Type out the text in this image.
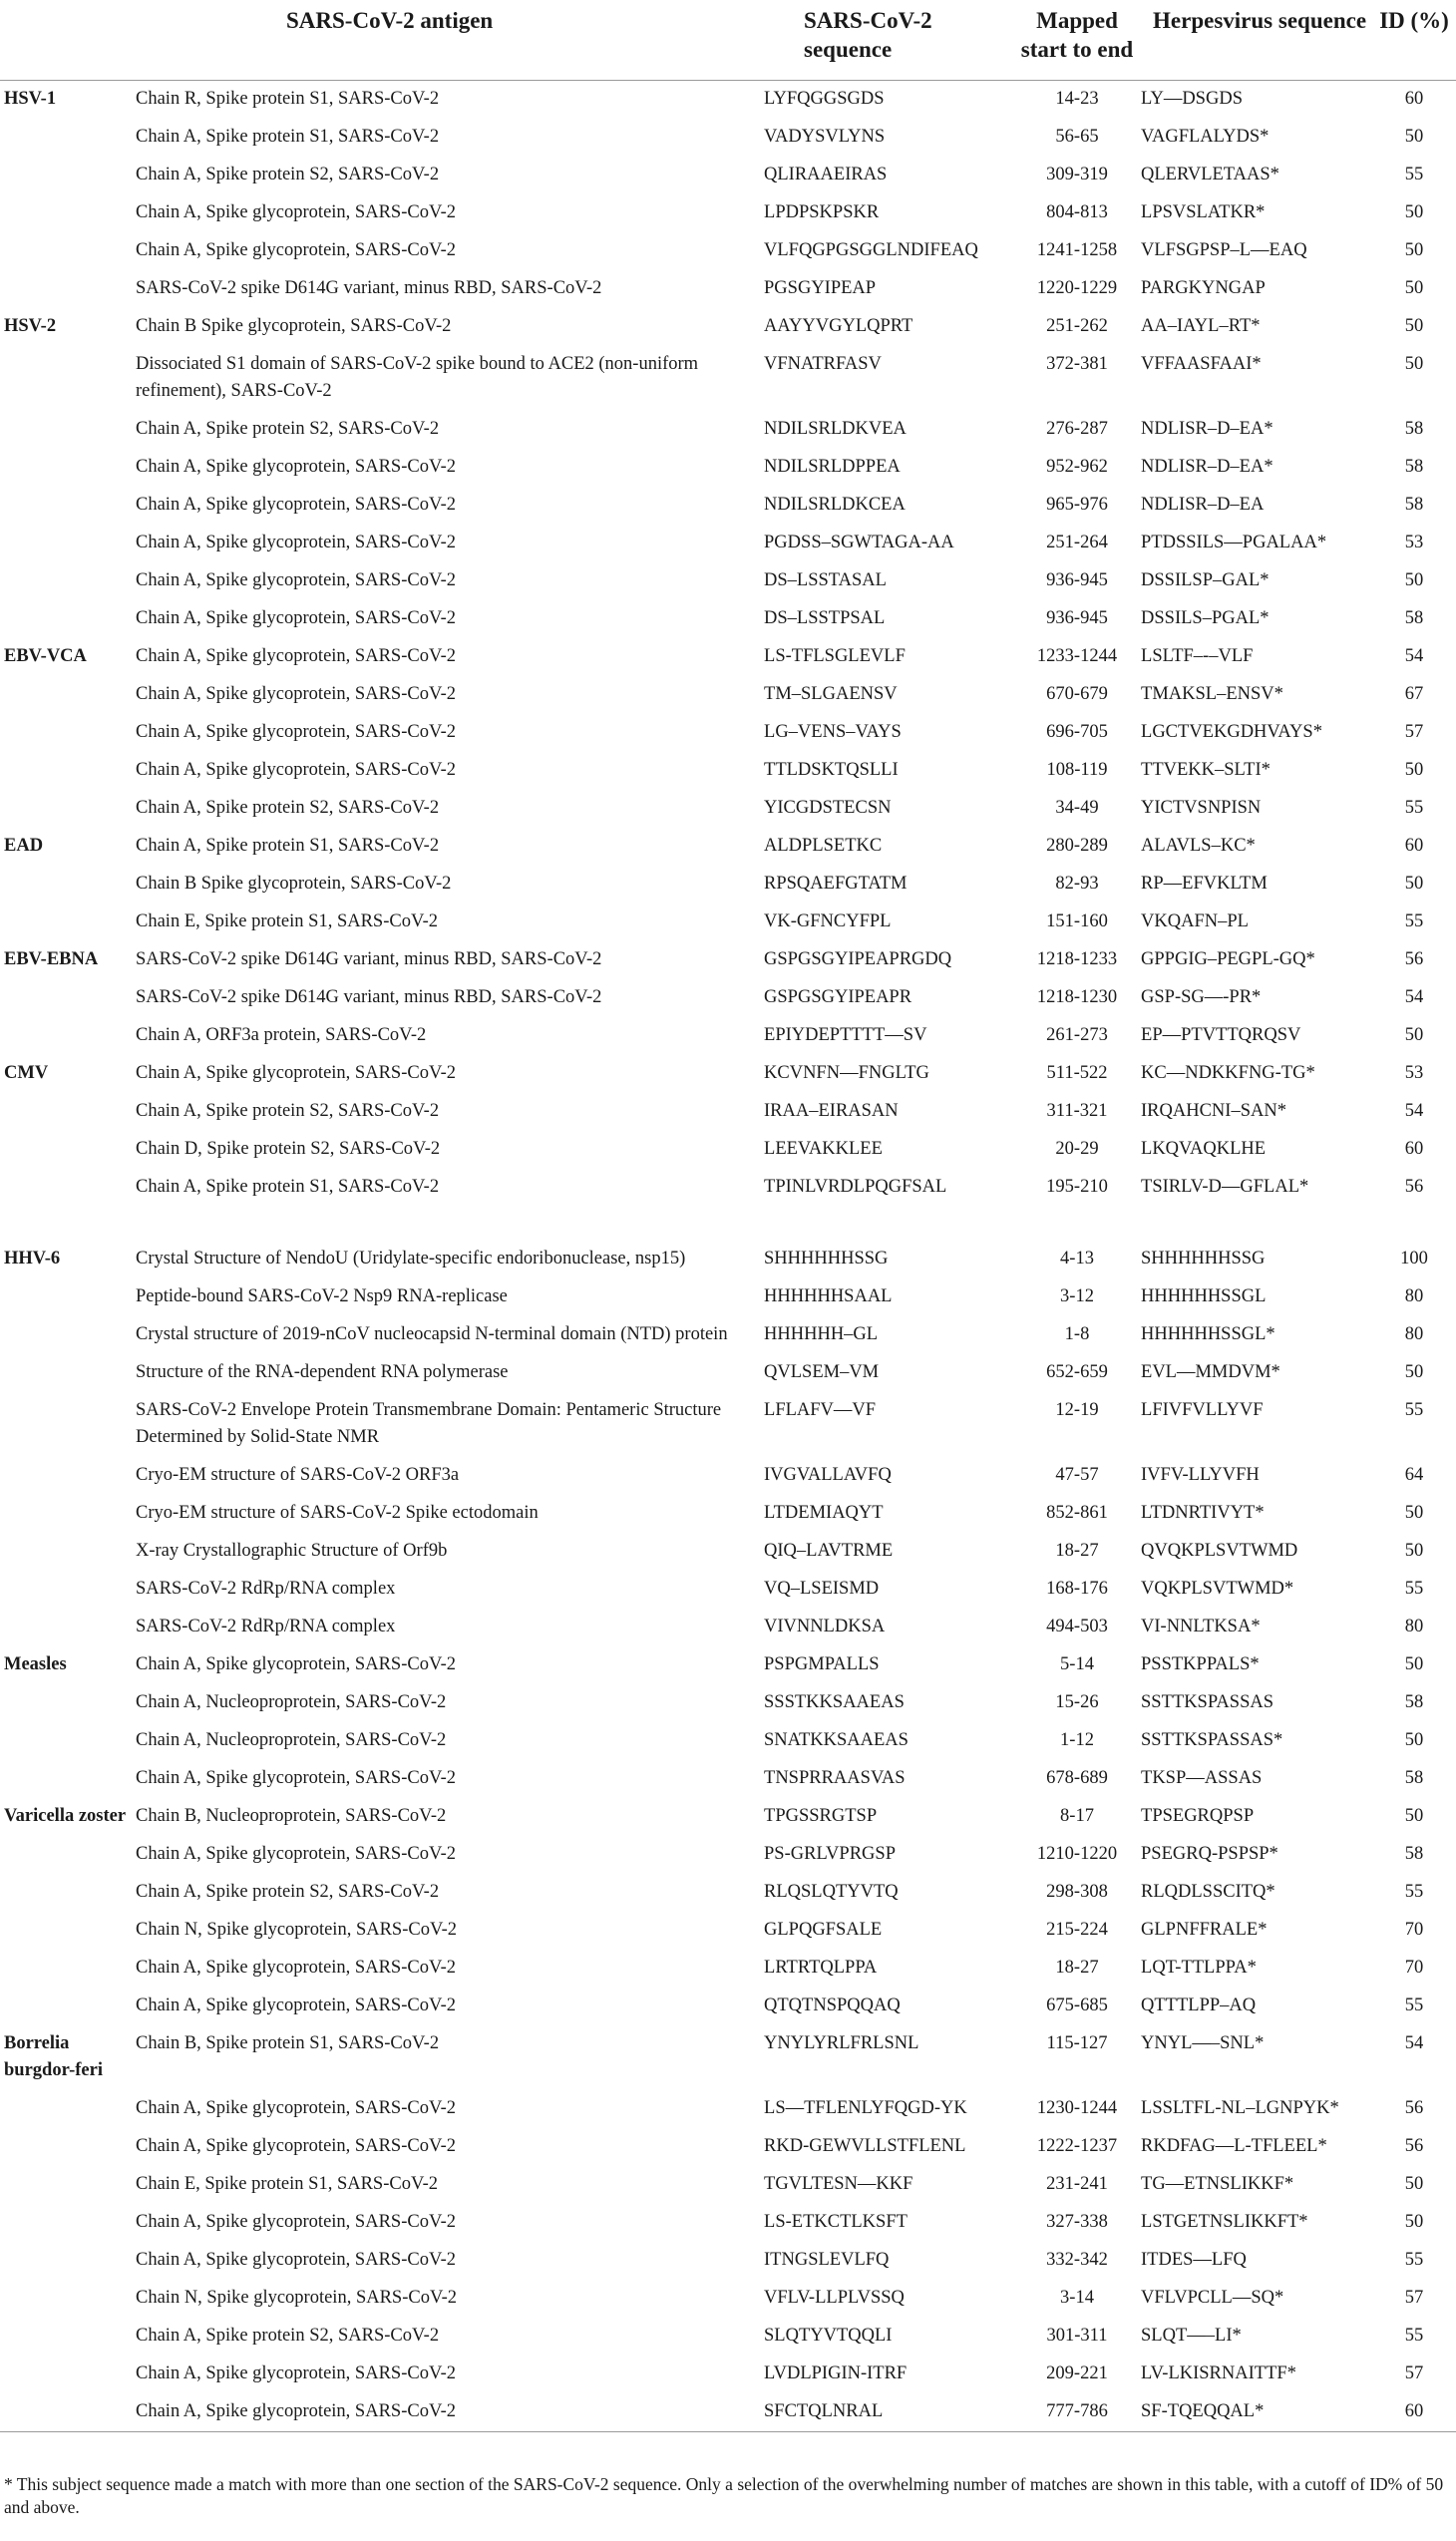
SARS-CoV-2 antigen		SARS-CoV-2 sequence	Mapped start to end	Herpesvirus sequence	ID (%)
HSV-1	Chain R, Spike protein S1, SARS-CoV-2	LYFQGGSGDS	14-23	LY—DSGDS	60
	Chain A, Spike protein S1, SARS-CoV-2	VADYSVLYNS	56-65	VAGFLALYDS*	50
	Chain A, Spike protein S2, SARS-CoV-2	QLIRAAEIRAS	309-319	QLERVLETAAS*	55
	Chain A, Spike glycoprotein, SARS-CoV-2	LPDPSKPSKR	804-813	LPSVSLATKR*	50
	Chain A, Spike glycoprotein, SARS-CoV-2	VLFQGPGSGGLNDIFEAQ	1241-1258	VLFSGPSP–L—EAQ	50
	SARS-CoV-2 spike D614G variant, minus RBD, SARS-CoV-2	PGSGYIPEAP	1220-1229	PARGKYNGAP	50
HSV-2	Chain B Spike glycoprotein, SARS-CoV-2	AAYYVGYLQPRT	251-262	AA–IAYL–RT*	50
	Dissociated S1 domain of SARS-CoV-2 spike bound to ACE2 (non-uniform refinement), SARS-CoV-2	VFNATRFASV	372-381	VFFAASFAAI*	50
	Chain A, Spike protein S2, SARS-CoV-2	NDILSRLDKVEA	276-287	NDLISR–D–EA*	58
	Chain A, Spike glycoprotein, SARS-CoV-2	NDILSRLDPPEA	952-962	NDLISR–D–EA*	58
	Chain A, Spike glycoprotein, SARS-CoV-2	NDILSRLDKCEA	965-976	NDLISR–D–EA	58
	Chain A, Spike glycoprotein, SARS-CoV-2	PGDSS–SGWTAGA-AA	251-264	PTDSSILS—PGALAA*	53
	Chain A, Spike glycoprotein, SARS-CoV-2	DS–LSSTASAL	936-945	DSSILSP–GAL*	50
	Chain A, Spike glycoprotein, SARS-CoV-2	DS–LSSTPSAL	936-945	DSSILS–PGAL*	58
EBV-VCA	Chain A, Spike glycoprotein, SARS-CoV-2	LS-TFLSGLEVLF	1233-1244	LSLTF–-–VLF	54
	Chain A, Spike glycoprotein, SARS-CoV-2	TM–SLGAENSV	670-679	TMAKSL–ENSV*	67
	Chain A, Spike glycoprotein, SARS-CoV-2	LG–VENS–VAYS	696-705	LGCTVEKGDHVAYS*	57
	Chain A, Spike glycoprotein, SARS-CoV-2	TTLDSKTQSLLI	108-119	TTVEKK–SLTI*	50
	Chain A, Spike protein S2, SARS-CoV-2	YICGDSTECSN	34-49	YICTVSNPISN	55
EAD	Chain A, Spike protein S1, SARS-CoV-2	ALDPLSETKC	280-289	ALAVLS–KC*	60
	Chain B Spike glycoprotein, SARS-CoV-2	RPSQAEFGTATM	82-93	RP—EFVKLTM	50
	Chain E, Spike protein S1, SARS-CoV-2	VK-GFNCYFPL	151-160	VKQAFN–PL	55
EBV-EBNA	SARS-CoV-2 spike D614G variant, minus RBD, SARS-CoV-2	GSPGSGYIPEAPRGDQ	1218-1233	GPPGIG–PEGPL-GQ*	56
	SARS-CoV-2 spike D614G variant, minus RBD, SARS-CoV-2	GSPGSGYIPEAPR	1218-1230	GSP-SG—-PR*	54
	Chain A, ORF3a protein, SARS-CoV-2	EPIYDEPTTTT—SV	261-273	EP—PTVTTQRQSV	50
CMV	Chain A, Spike glycoprotein, SARS-CoV-2	KCVNFN—FNGLTG	511-522	KC—NDKKFNG-TG*	53
	Chain A, Spike protein S2, SARS-CoV-2	IRAA–EIRASAN	311-321	IRQAHCNI–SAN*	54
	Chain D, Spike protein S2, SARS-CoV-2	LEEVAKKLEE	20-29	LKQVAQKLHE	60
	Chain A, Spike protein S1, SARS-CoV-2	TPINLVRDLPQGFSAL	195-210	TSIRLV-D—GFLAL*	56
HHV-6	Crystal Structure of NendoU (Uridylate-specific endoribonuclease, nsp15)	SHHHHHHSSG	4-13	SHHHHHHSSG	100
	Peptide-bound SARS-CoV-2 Nsp9 RNA-replicase	HHHHHHSAAL	3-12	HHHHHHSSGL	80
	Crystal structure of 2019-nCoV nucleocapsid N-terminal domain (NTD) protein	HHHHHH–GL	1-8	HHHHHHSSGL*	80
	Structure of the RNA-dependent RNA polymerase	QVLSEM–VM	652-659	EVL—MMDVM*	50
	SARS-CoV-2 Envelope Protein Transmembrane Domain: Pentameric Structure Determined by Solid-State NMR	LFLAFV—VF	12-19	LFIVFVLLYVF	55
	Cryo-EM structure of SARS-CoV-2 ORF3a	IVGVALLAVFQ	47-57	IVFV-LLYVFH	64
	Cryo-EM structure of SARS-CoV-2 Spike ectodomain	LTDEMIAQYT	852-861	LTDNRTIVYT*	50
	X-ray Crystallographic Structure of Orf9b	QIQ–LAVTRME	18-27	QVQKPLSVTWMD	50
	SARS-CoV-2 RdRp/RNA complex	VQ–LSEISMD	168-176	VQKPLSVTWMD*	55
	SARS-CoV-2 RdRp/RNA complex	VIVNNLDKSA	494-503	VI-NNLTKSA*	80
Measles	Chain A, Spike glycoprotein, SARS-CoV-2	PSPGMPALLS	5-14	PSSTKPPALS*	50
	Chain A, Nucleoproprotein, SARS-CoV-2	SSSTKKSAAEAS	15-26	SSTTKSPASSAS	58
	Chain A, Nucleoproprotein, SARS-CoV-2	SNATKKSAAEAS	1-12	SSTTKSPASSAS*	50
	Chain A, Spike glycoprotein, SARS-CoV-2	TNSPRRAASVAS	678-689	TKSP—ASSAS	58
Varicella zoster	Chain B, Nucleoproprotein, SARS-CoV-2	TPGSSRGTSP	8-17	TPSEGRQPSP	50
	Chain A, Spike glycoprotein, SARS-CoV-2	PS-GRLVPRGSP	1210-1220	PSEGRQ-PSPSP*	58
	Chain A, Spike protein S2, SARS-CoV-2	RLQSLQTYVTQ	298-308	RLQDLSSCITQ*	55
	Chain N, Spike glycoprotein, SARS-CoV-2	GLPQGFSALE	215-224	GLPNFFRALE*	70
	Chain A, Spike glycoprotein, SARS-CoV-2	LRTRTQLPPA	18-27	LQT-TTLPPA*	70
	Chain A, Spike glycoprotein, SARS-CoV-2	QTQTNSPQQAQ	675-685	QTTTLPP–AQ	55
Borrelia burgdor-feri	Chain B, Spike protein S1, SARS-CoV-2	YNYLYRLFRLSNL	115-127	YNYL—–SNL*	54
	Chain A, Spike glycoprotein, SARS-CoV-2	LS—TFLENLYFQGD-YK	1230-1244	LSSLTFL-NL–LGNPYK*	56
	Chain A, Spike glycoprotein, SARS-CoV-2	RKD-GEWVLLSTFLENL	1222-1237	RKDFAG—L-TFLEEL*	56
	Chain E, Spike protein S1, SARS-CoV-2	TGVLTESN—KKF	231-241	TG—ETNSLIKKF*	50
	Chain A, Spike glycoprotein, SARS-CoV-2	LS-ETKCTLKSFT	327-338	LSTGETNSLIKKFT*	50
	Chain A, Spike glycoprotein, SARS-CoV-2	ITNGSLEVLFQ	332-342	ITDES—LFQ	55
	Chain N, Spike glycoprotein, SARS-CoV-2	VFLV-LLPLVSSQ	3-14	VFLVPCLL—SQ*	57
	Chain A, Spike protein S2, SARS-CoV-2	SLQTYVTQQLI	301-311	SLQT—–LI*	55
	Chain A, Spike glycoprotein, SARS-CoV-2	LVDLPIGIN-ITRF	209-221	LV-LKISRNAITTF*	57
	Chain A, Spike glycoprotein, SARS-CoV-2	SFCTQLNRAL	777-786	SF-TQEQQAL*	60
* This subject sequence made a match with more than one section of the SARS-CoV-2 sequence. Only a selection of the overwhelming number of matches are shown in this table, with a cutoff of ID% of 50 and above.
